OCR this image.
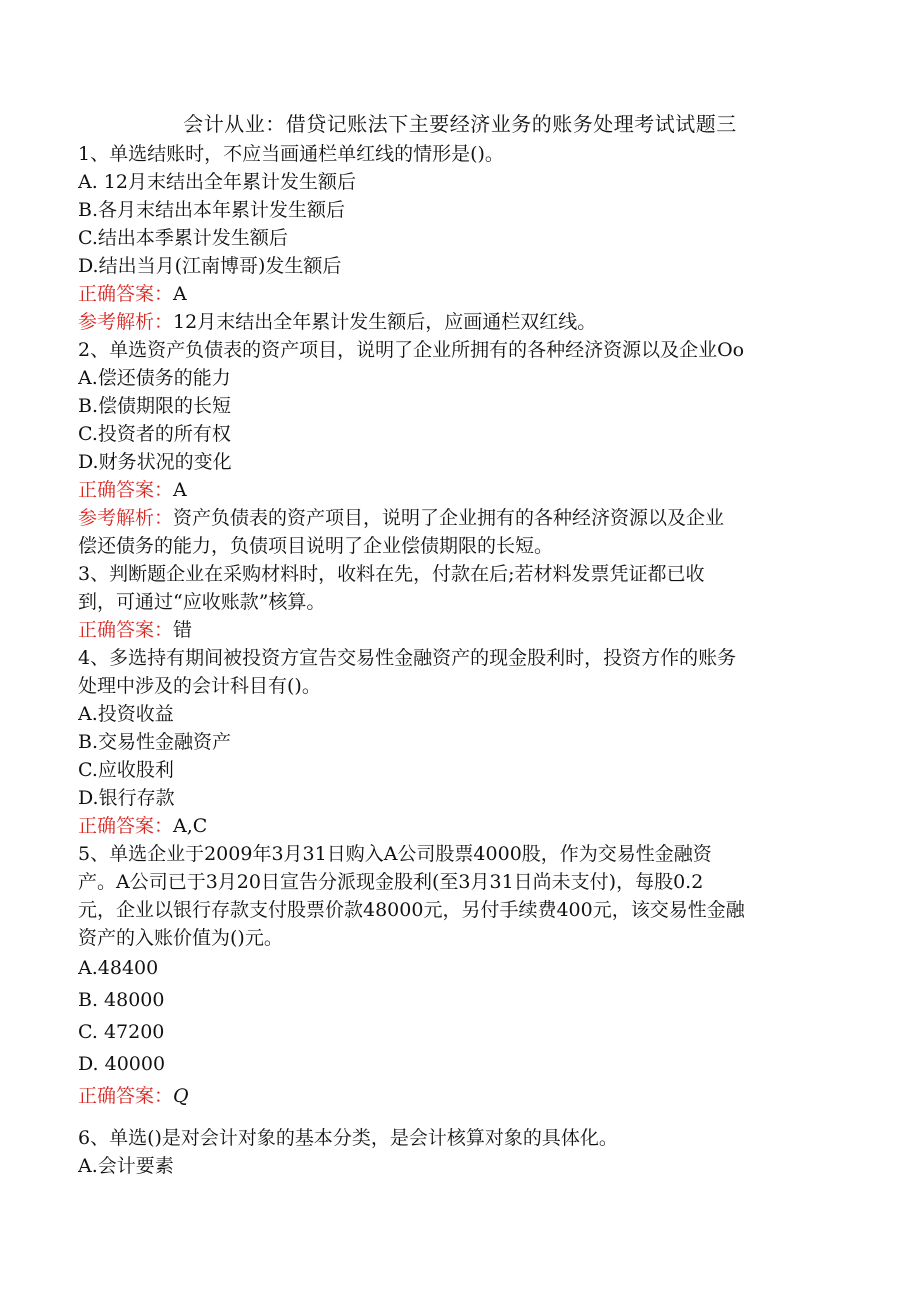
会计从业：借贷记账法下主要经济业务的账务处理考试试题三
1、单选结账时，不应当画通栏单红线的情形是()。
A. 12月末结出全年累计发生额后
B.各月末结出本年累计发生额后
C.结出本季累计发生额后
D.结出当月(江南博哥)发生额后
正确答案：A
参考解析：12月末结出全年累计发生额后，应画通栏双红线。
2、单选资产负债表的资产项目，说明了企业所拥有的各种经济资源以及企业Oo
A.偿还债务的能力
B.偿债期限的长短
C.投资者的所有权
D.财务状况的变化
正确答案：A
参考解析：资产负债表的资产项目，说明了企业拥有的各种经济资源以及企业
偿还债务的能力，负债项目说明了企业偿债期限的长短。
3、判断题企业在采购材料时，收料在先，付款在后;若材料发票凭证都已收
到，可通过“应收账款”核算。
正确答案：错
4、多选持有期间被投资方宣告交易性金融资产的现金股利时，投资方作的账务
处理中涉及的会计科目有()。
A.投资收益
B.交易性金融资产
C.应收股利
D.银行存款
正确答案：A,C
5、单选企业于2009年3月31日购入A公司股票4000股，作为交易性金融资
产。A公司已于3月20日宣告分派现金股利(至3月31日尚未支付)，每股0.2
元，企业以银行存款支付股票价款48000元，另付手续费400元，该交易性金融
资产的入账价值为()元。
A.48400
B. 48000
C. 47200
D. 40000
正确答案：Q
6、单选()是对会计对象的基本分类，是会计核算对象的具体化。
A.会计要素
